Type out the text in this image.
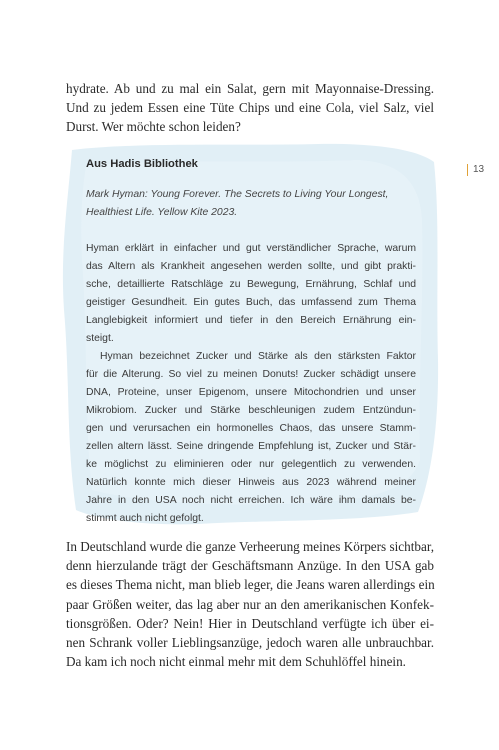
hydrate. Ab und zu mal ein Salat, gern mit Mayonnaise-Dressing.
Und zu jedem Essen eine Tüte Chips und eine Cola, viel Salz, viel
Durst. Wer möchte schon leiden?
Aus Hadis Bibliothek
Mark Hyman: Young Forever. The Secrets to Living Your Longest,
Healthiest Life. Yellow Kite 2023.
Hyman erklärt in einfacher und gut verständlicher Sprache, warum
das Altern als Krankheit angesehen werden sollte, und gibt prakti-
sche, detaillierte Ratschläge zu Bewegung, Ernährung, Schlaf und
geistiger Gesundheit. Ein gutes Buch, das umfassend zum Thema
Langlebigkeit informiert und tiefer in den Bereich Ernährung ein-
steigt.
Hyman bezeichnet Zucker und Stärke als den stärksten Faktor
für die Alterung. So viel zu meinen Donuts! Zucker schädigt unsere
DNA, Proteine, unser Epigenom, unsere Mitochondrien und unser
Mikrobiom. Zucker und Stärke beschleunigen zudem Entzündun-
gen und verursachen ein hormonelles Chaos, das unsere Stamm-
zellen altern lässt. Seine dringende Empfehlung ist, Zucker und Stär-
ke möglichst zu eliminieren oder nur gelegentlich zu verwenden.
Natürlich konnte mich dieser Hinweis aus 2023 während meiner
Jahre in den USA noch nicht erreichen. Ich wäre ihm damals be-
stimmt auch nicht gefolgt.
13
In Deutschland wurde die ganze Verheerung meines Körpers sichtbar,
denn hierzulande trägt der Geschäftsmann Anzüge. In den USA gab
es dieses Thema nicht, man blieb leger, die Jeans waren allerdings ein
paar Größen weiter, das lag aber nur an den amerikanischen Konfek-
tionsgrößen. Oder? Nein! Hier in Deutschland verfügte ich über ei-
nen Schrank voller Lieblingsanzüge, jedoch waren alle unbrauchbar.
Da kam ich noch nicht einmal mehr mit dem Schuhlöffel hinein.
